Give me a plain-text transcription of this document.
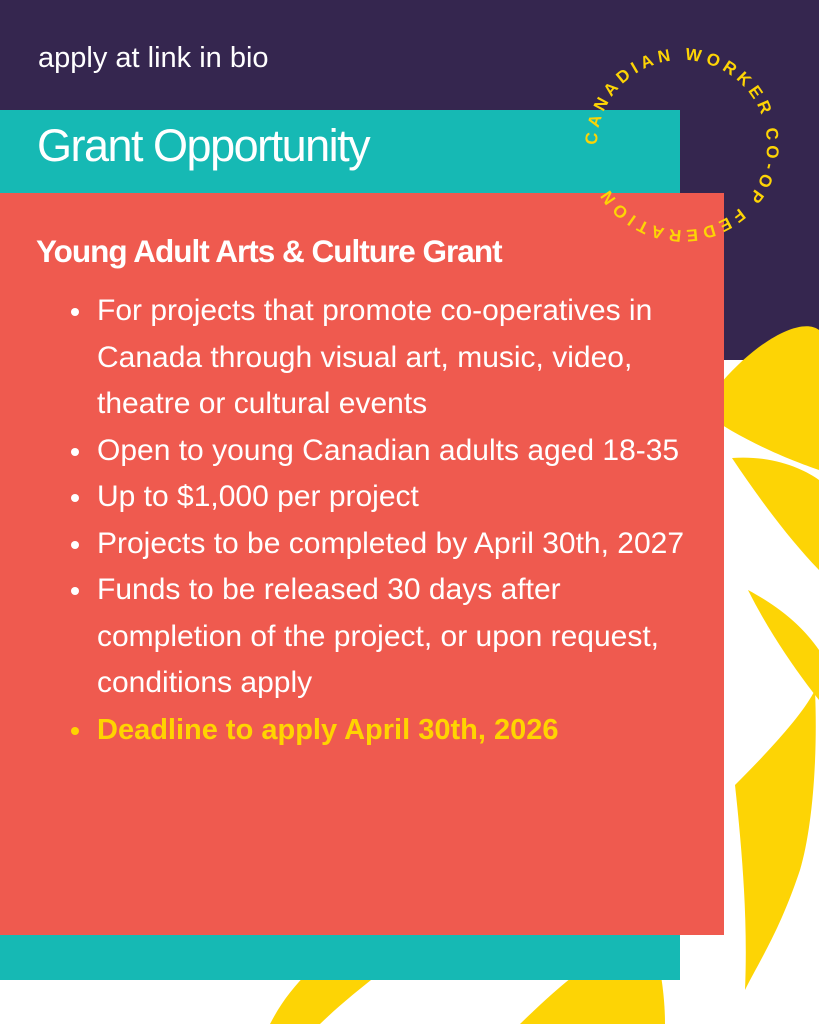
apply at link in bio
Grant Opportunity
Young Adult Arts & Culture Grant
For projects that promote co-operatives in Canada through visual art, music, video, theatre or cultural events
Open to young Canadian adults aged 18-35
Up to $1,000 per project
Projects to be completed by April 30th, 2027
Funds to be released 30 days after completion of the project, or upon request, conditions apply
Deadline to apply April 30th, 2026
CANADIAN WORKER CO-OP FEDERATION
